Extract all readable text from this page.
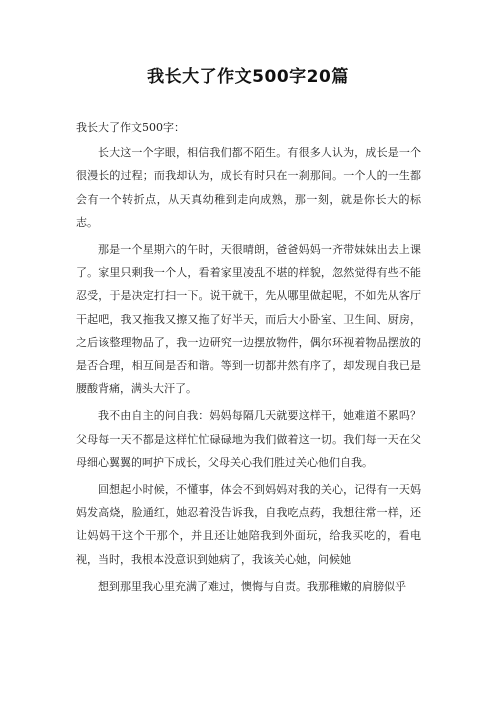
我长大了作文500字20篇

我长大了作文500字：

长大这一个字眼，相信我们都不陌生。有很多人认为，成长是一个很漫长的过程；而我却认为，成长有时只在一刹那间。一个人的一生都会有一个转折点，从天真幼稚到走向成熟，那一刻，就是你长大的标志。

那是一个星期六的午时，天很晴朗，爸爸妈妈一齐带妹妹出去上课了。家里只剩我一个人，看着家里凌乱不堪的样貌，忽然觉得有些不能忍受，于是决定打扫一下。说干就干，先从哪里做起呢，不如先从客厅干起吧，我又拖我又擦又拖了好半天，而后大小卧室、卫生间、厨房，之后该整理物品了，我一边研究一边摆放物件，偶尔环视着物品摆放的是否合理，相互间是否和谐。等到一切都井然有序了，却发现自我已是腰酸背痛，满头大汗了。

我不由自主的问自我：妈妈每隔几天就要这样干，她难道不累吗？父母每一天不都是这样忙忙碌碌地为我们做着这一切。我们每一天在父母细心翼翼的呵护下成长，父母关心我们胜过关心他们自我。

回想起小时候，不懂事，体会不到妈妈对我的关心，记得有一天妈妈发高烧，脸通红，她忍着没告诉我，自我吃点药，我想往常一样，还让妈妈干这个干那个，并且还让她陪我到外面玩，给我买吃的，看电视，当时，我根本没意识到她病了，我该关心她，问候她

想到那里我心里充满了难过，懊悔与自责。我那稚嫩的肩膀似乎
